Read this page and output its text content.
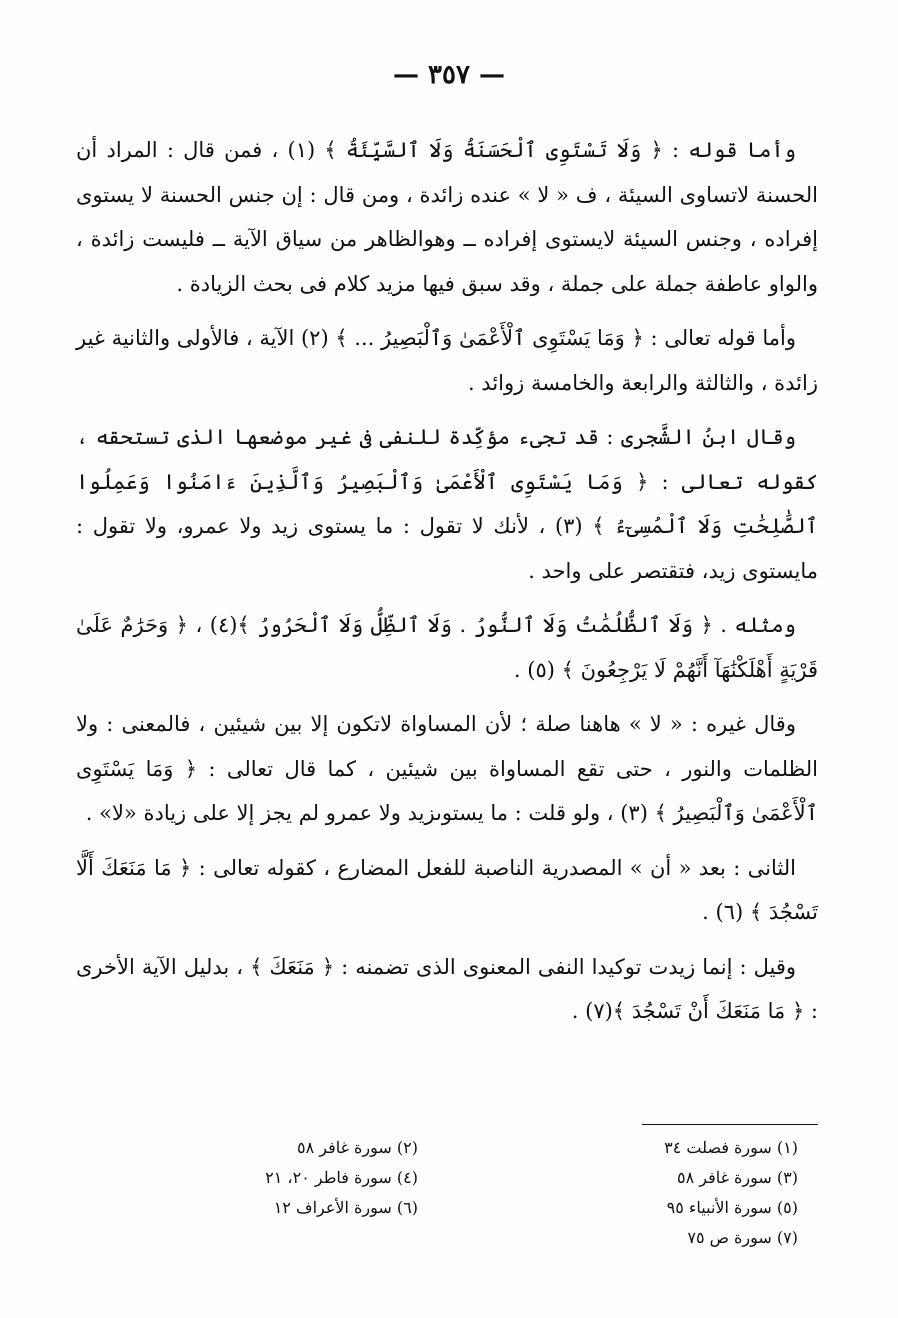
— ٣٥٧ —

وأما قوله : ﴿ وَلَا تَسْتَوِى ٱلْحَسَنَةُ وَلَا ٱلسَّيِّئَةُ ﴾ (١) ، فمن قال : المراد أن الحسنة لاتساوى السيئة ، ف « لا » عنده زائدة ، ومن قال : إن جنس الحسنة لا يستوى إفراده ، وجنس السيئة لايستوى إفراده ــ وهوالظاهر من سياق الآية ــ فليست زائدة ، والواو عاطفة جملة على جملة ، وقد سبق فيها مزيد كلام فى بحث الزيادة .

وأما قوله تعالى : ﴿ وَمَا يَسْتَوِى ٱلْأَعْمَىٰ وَٱلْبَصِيرُ ... ﴾ (٢) الآية ، فالأولى والثانية غير زائدة ، والثالثة والرابعة والخامسة زوائد .

وقال ابنُ الشَّجرى : قد تجىء مؤكِّدة للنفى فى غير موضعها الذى تستحقه ، كقوله تعالى : ﴿ وَمَا يَسْتَوِى ٱلْأَعْمَىٰ وَٱلْبَصِيرُ وَٱلَّذِينَ ءَامَنُوا وَعَمِلُوا ٱلصَّٰلِحَٰتِ وَلَا ٱلْمُسِىٓءُ ﴾ (٣) ، لأنك لا تقول : ما يستوى زيد ولا عمرو، ولا تقول : مايستوى زيد، فتقتصر على واحد .

ومثله . ﴿ وَلَا ٱلظُّلُمَٰتُ وَلَا ٱلنُّورُ . وَلَا ٱلظِّلُّ وَلَا ٱلْحَرُورُ ﴾(٤) ، ﴿ وَحَرَٰمٌ عَلَىٰ قَرْيَةٍ أَهْلَكْنَٰهَآ أَنَّهُمْ لَا يَرْجِعُونَ ﴾ (٥) .

وقال غيره : « لا » هاهنا صلة ؛ لأن المساواة لاتكون إلا بين شيئين ، فالمعنى : ولا الظلمات والنور ، حتى تقع المساواة بين شيئين ، كما قال تعالى : ﴿ وَمَا يَسْتَوِى ٱلْأَعْمَىٰ وَٱلْبَصِيرُ ﴾ (٣) ، ولو قلت : ما يستوىزيد ولا عمرو لم يجز إلا على زيادة «لا» .

الثانى : بعد « أن » المصدرية الناصبة للفعل المضارع ، كقوله تعالى : ﴿ مَا مَنَعَكَ أَلَّا تَسْجُدَ ﴾ (٦) .

وقيل : إنما زيدت توكيدا النفى المعنوى الذى تضمنه : ﴿ مَنَعَكَ ﴾ ، بدليل الآية الأخرى : ﴿ مَا مَنَعَكَ أَنْ تَسْجُدَ ﴾(٧) .

(١) سورة فصلت ٣٤
(٢) سورة غافر ٥٨
(٣) سورة غافر ٥٨
(٤) سورة فاطر ٢٠، ٢١
(٥) سورة الأنبياء ٩٥
(٦) سورة الأعراف ١٢
(٧) سورة ص ٧٥
